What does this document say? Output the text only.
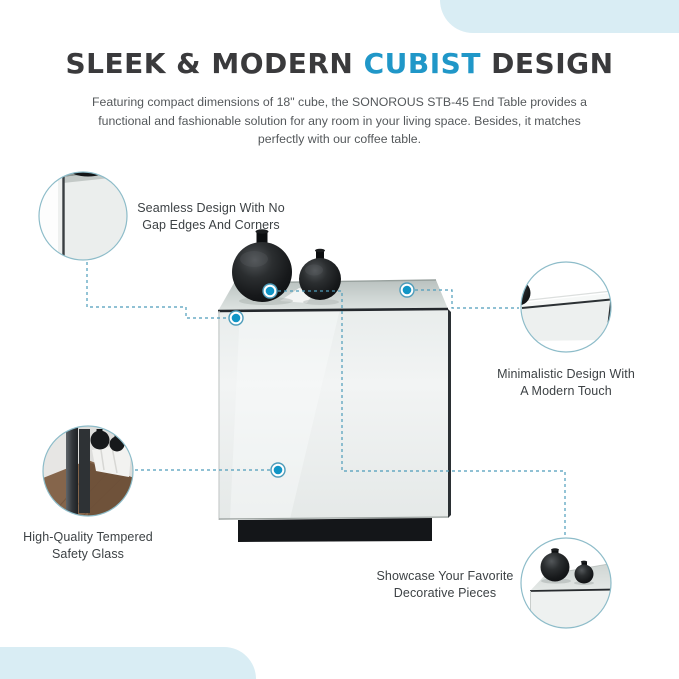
SLEEK & MODERN CUBIST DESIGN
Featuring compact dimensions of 18" cube, the SONOROUS STB-45 End Table provides a
functional and fashionable solution for any room in your living space. Besides, it matches
perfectly with our coffee table.
Seamless Design With No
Gap Edges And Corners
Minimalistic Design With
A Modern Touch
High-Quality Tempered
Safety Glass
Showcase Your Favorite
Decorative Pieces
